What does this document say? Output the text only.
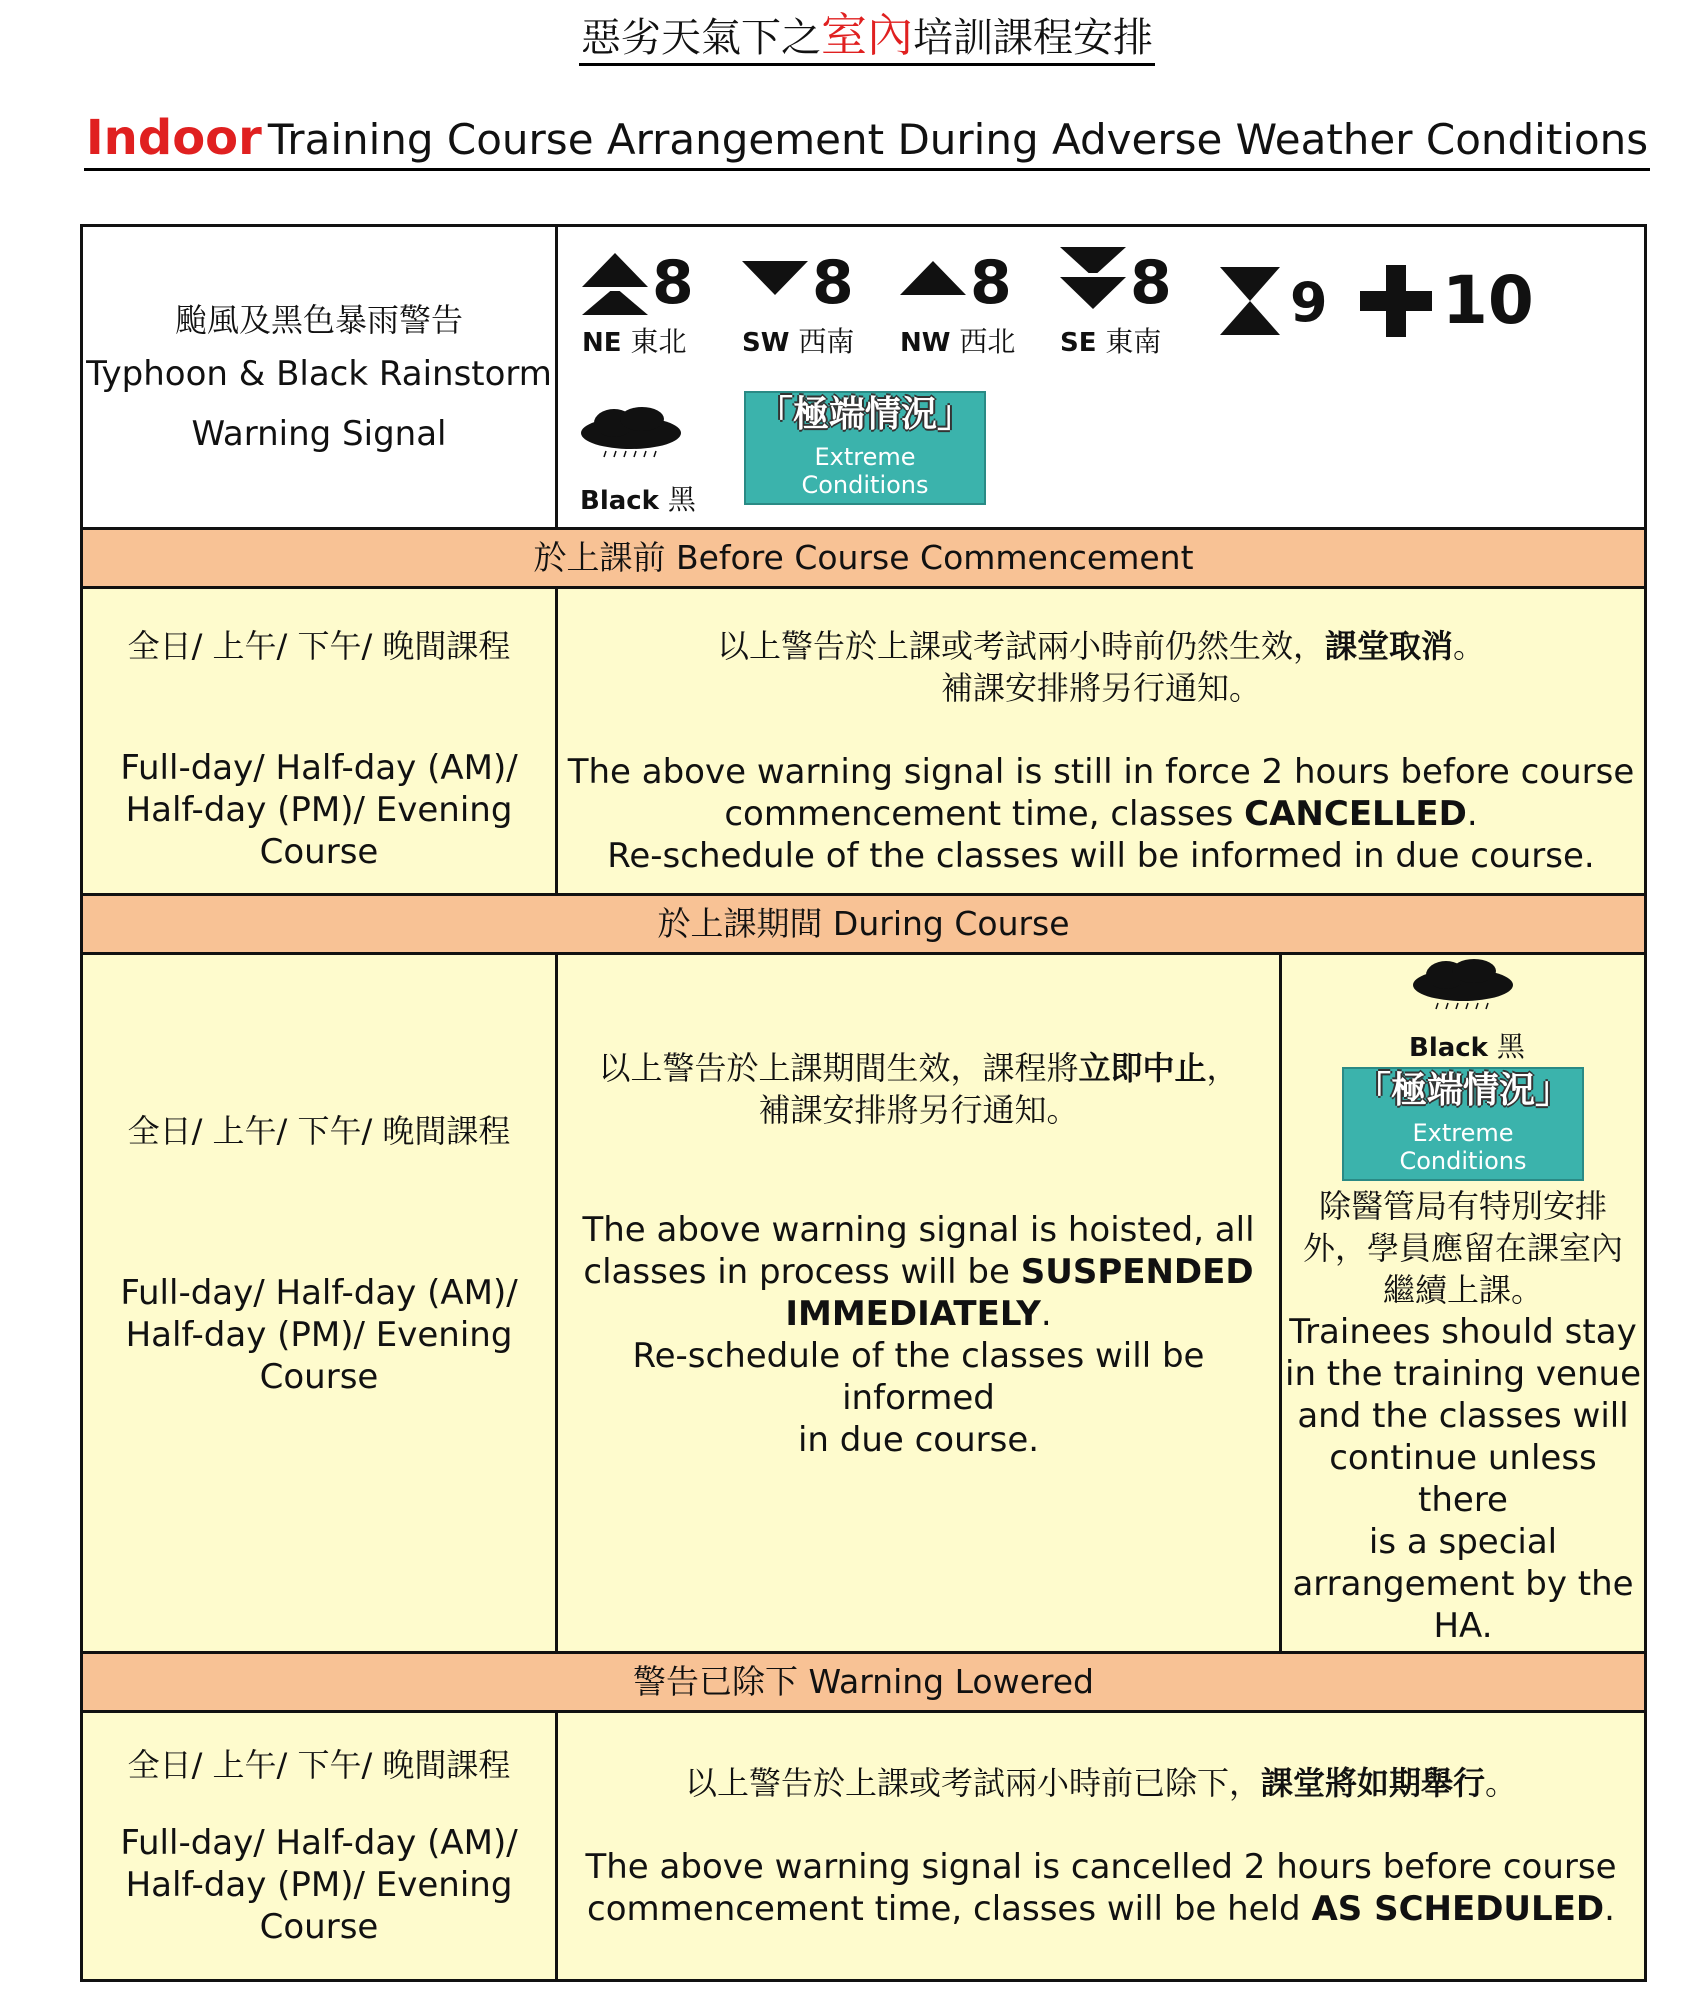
惡劣天氣下之室內培訓課程安排
Indoor Training Course Arrangement During Adverse Weather Conditions
颱風及黑色暴雨警告
Typhoon & Black Rainstorm
Warning Signal
8
NE 東北
8
SW 西南
8
NW 西北
8
SE 東南
9 10
Black 黑
「極端情況」
Extreme
Conditions
於上課前 Before Course Commencement
全日/ 上午/ 下午/ 晚間課程
Full-day/ Half-day (AM)/
Half-day (PM)/ Evening
Course
以上警告於上課或考試兩小時前仍然生效，課堂取消。
補課安排將另行通知。
The above warning signal is still in force 2 hours before course
commencement time, classes CANCELLED.
Re-schedule of the classes will be informed in due course.
於上課期間 During Course
全日/ 上午/ 下午/ 晚間課程
Full-day/ Half-day (AM)/
Half-day (PM)/ Evening
Course
以上警告於上課期間生效，課程將立即中止，
補課安排將另行通知。
The above warning signal is hoisted, all
classes in process will be SUSPENDED
IMMEDIATELY.
Re-schedule of the classes will be informed
in due course.
Black 黑
「極端情況」
Extreme
Conditions
除醫管局有特別安排
外，學員應留在課室內
繼續上課。
Trainees should stay
in the training venue
and the classes will
continue unless there
is a special
arrangement by the
HA.
警告已除下 Warning Lowered
全日/ 上午/ 下午/ 晚間課程
Full-day/ Half-day (AM)/
Half-day (PM)/ Evening
Course
以上警告於上課或考試兩小時前已除下，課堂將如期舉行。
The above warning signal is cancelled 2 hours before course
commencement time, classes will be held AS SCHEDULED.
